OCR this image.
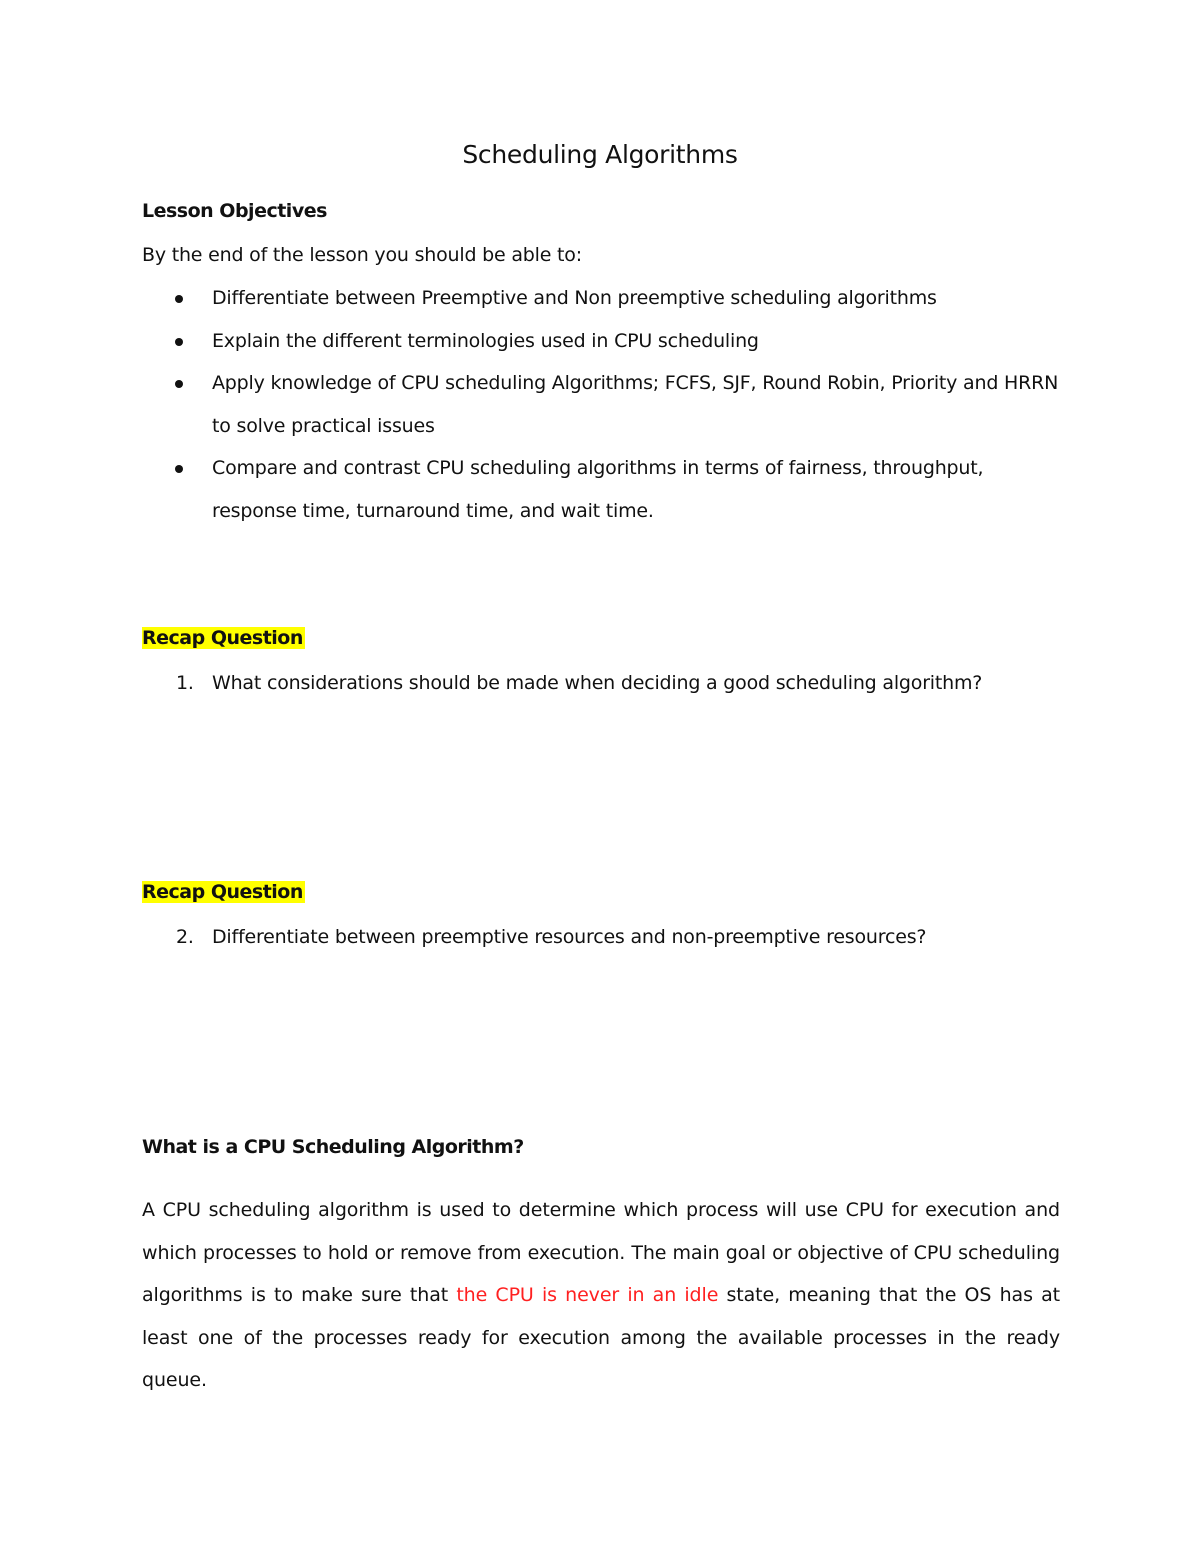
Scheduling Algorithms
Lesson Objectives
By the end of the lesson you should be able to:
Differentiate between Preemptive and Non preemptive scheduling algorithms
Explain the different terminologies used in CPU scheduling
Apply knowledge of CPU scheduling Algorithms; FCFS, SJF, Round Robin, Priority and HRRN to solve practical issues
Compare and contrast CPU scheduling algorithms in terms of fairness, throughput, response time, turnaround time, and wait time.
Recap Question
1. What considerations should be made when deciding a good scheduling algorithm?
Recap Question
2. Differentiate between preemptive resources and non-preemptive resources?
What is a CPU Scheduling Algorithm?
A CPU scheduling algorithm is used to determine which process will use CPU for execution and which processes to hold or remove from execution. The main goal or objective of CPU scheduling algorithms is to make sure that the CPU is never in an idle state, meaning that the OS has at least one of the processes ready for execution among the available processes in the ready queue.
